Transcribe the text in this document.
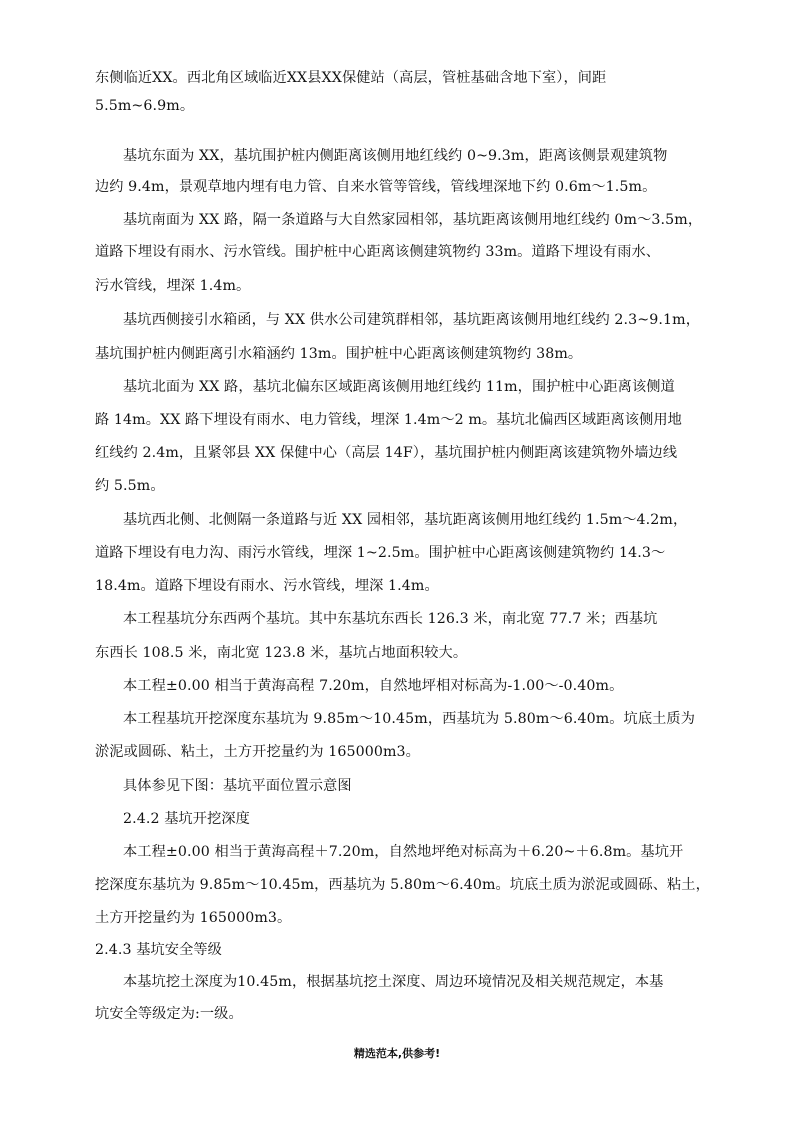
东侧临近XX。西北角区域临近XX县XX保健站（高层，管桩基础含地下室），间距
5.5m~6.9m。
基坑东面为 XX，基坑围护桩内侧距离该侧用地红线约 0~9.3m，距离该侧景观建筑物
边约 9.4m，景观草地内埋有电力管、自来水管等管线，管线埋深地下约 0.6m～1.5m。
基坑南面为 XX 路，隔一条道路与大自然家园相邻，基坑距离该侧用地红线约 0m～3.5m，
道路下埋设有雨水、污水管线。围护桩中心距离该侧建筑物约 33m。道路下埋设有雨水、
污水管线，埋深 1.4m。
基坑西侧接引水箱函，与 XX 供水公司建筑群相邻，基坑距离该侧用地红线约 2.3~9.1m，
基坑围护桩内侧距离引水箱涵约 13m。围护桩中心距离该侧建筑物约 38m。
基坑北面为 XX 路，基坑北偏东区域距离该侧用地红线约 11m，围护桩中心距离该侧道
路 14m。XX 路下埋设有雨水、电力管线，埋深 1.4m～2 m。基坑北偏西区域距离该侧用地
红线约 2.4m，且紧邻县 XX 保健中心（高层 14F），基坑围护桩内侧距离该建筑物外墙边线
约 5.5m。
基坑西北侧、北侧隔一条道路与近 XX 园相邻，基坑距离该侧用地红线约 1.5m～4.2m，
道路下埋设有电力沟、雨污水管线，埋深 1~2.5m。围护桩中心距离该侧建筑物约 14.3～
18.4m。道路下埋设有雨水、污水管线，埋深 1.4m。
本工程基坑分东西两个基坑。其中东基坑东西长 126.3 米，南北宽 77.7 米；西基坑
东西长 108.5 米，南北宽 123.8 米，基坑占地面积较大。
本工程±0.00 相当于黄海高程 7.20m，自然地坪相对标高为-1.00～-0.40m。
本工程基坑开挖深度东基坑为 9.85m～10.45m，西基坑为 5.80m～6.40m。坑底土质为
淤泥或圆砾、粘土，土方开挖量约为 165000m3。
具体参见下图：基坑平面位置示意图
2.4.2 基坑开挖深度
本工程±0.00 相当于黄海高程＋7.20m，自然地坪绝对标高为＋6.20~＋6.8m。基坑开
挖深度东基坑为 9.85m～10.45m，西基坑为 5.80m～6.40m。坑底土质为淤泥或圆砾、粘土，
土方开挖量约为 165000m3。
2.4.3 基坑安全等级
本基坑挖土深度为10.45m，根据基坑挖土深度、周边环境情况及相关规范规定，本基
坑安全等级定为:一级。
精选范本,供参考!
